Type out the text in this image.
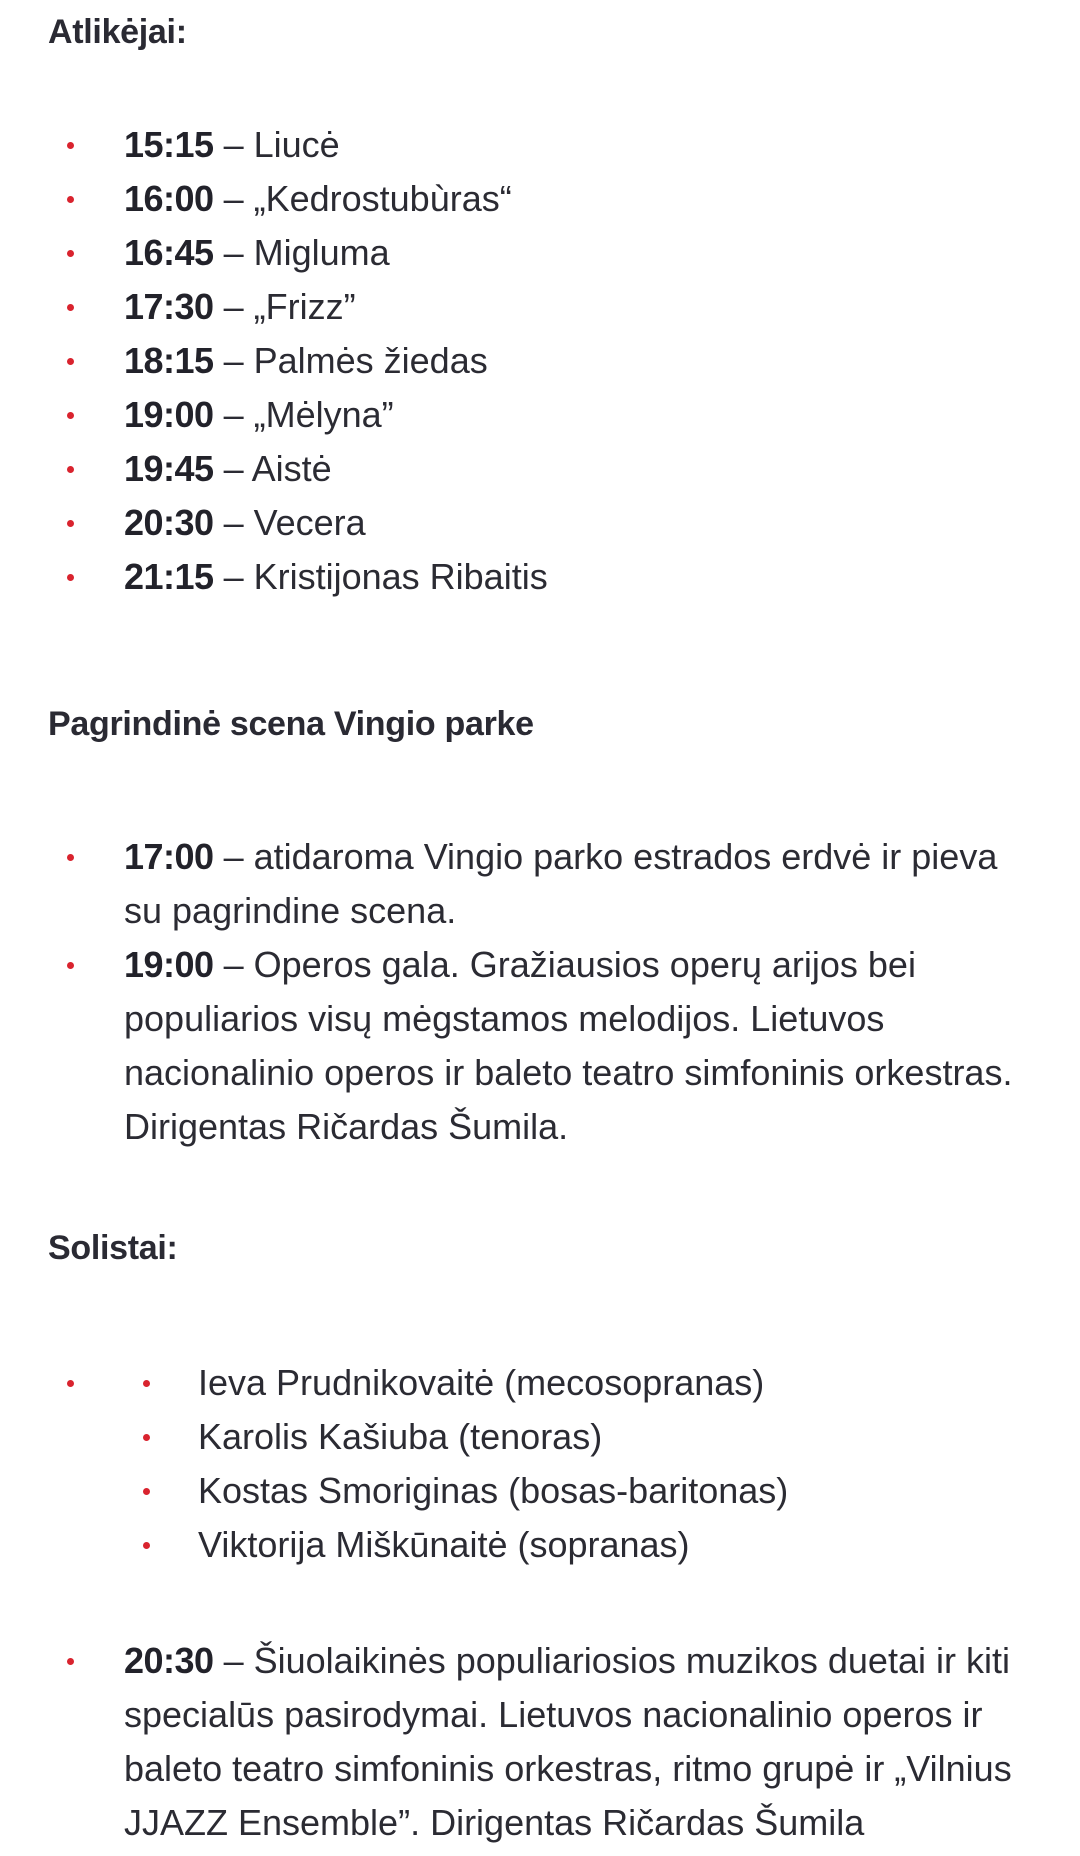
Atlikėjai:
15:15 – Liucė
16:00 – „Kedrostubùras“
16:45 – Migluma
17:30 – „Frizz”
18:15 – Palmės žiedas
19:00 – „Mėlyna”
19:45 – Aistė
20:30 – Vecera
21:15 – Kristijonas Ribaitis
Pagrindinė scena Vingio parke
17:00 – atidaroma Vingio parko estrados erdvė ir pieva su pagrindine scena.
19:00 – Operos gala. Gražiausios operų arijos bei populiarios visų mėgstamos melodijos. Lietuvos nacionalinio operos ir baleto teatro simfoninis orkestras. Dirigentas Ričardas Šumila.
Solistai:
Ieva Prudnikovaitė (mecosopranas)
Karolis Kašiuba (tenoras)
Kostas Smoriginas (bosas-baritonas)
Viktorija Miškūnaitė (sopranas)
20:30 – Šiuolaikinės populiariosios muzikos duetai ir kiti specialūs pasirodymai. Lietuvos nacionalinio operos ir baleto teatro simfoninis orkestras, ritmo grupė ir „Vilnius JJAZZ Ensemble”. Dirigentas Ričardas Šumila
